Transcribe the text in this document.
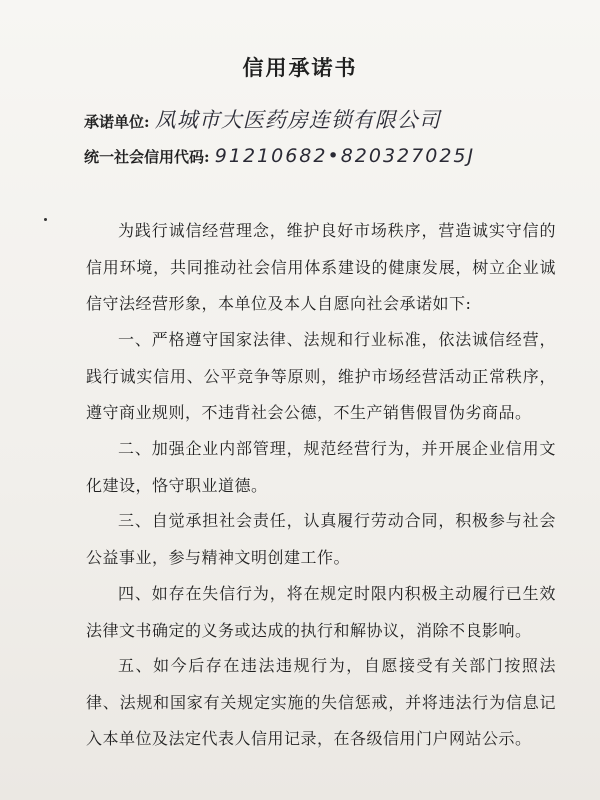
信用承诺书
承诺单位: 凤城市大医药房连锁有限公司
统一社会信用代码: 91210682•820327025J

为践行诚信经营理念，维护良好市场秩序，营造诚实守信的信用环境，共同推动社会信用体系建设的健康发展，树立企业诚信守法经营形象，本单位及本人自愿向社会承诺如下:

一、严格遵守国家法律、法规和行业标准，依法诚信经营，践行诚实信用、公平竞争等原则，维护市场经营活动正常秩序，遵守商业规则，不违背社会公德，不生产销售假冒伪劣商品。

二、加强企业内部管理，规范经营行为，并开展企业信用文化建设，恪守职业道德。

三、自觉承担社会责任，认真履行劳动合同，积极参与社会公益事业，参与精神文明创建工作。

四、如存在失信行为，将在规定时限内积极主动履行已生效法律文书确定的义务或达成的执行和解协议，消除不良影响。

五、如今后存在违法违规行为，自愿接受有关部门按照法律、法规和国家有关规定实施的失信惩戒，并将违法行为信息记入本单位及法定代表人信用记录，在各级信用门户网站公示。
